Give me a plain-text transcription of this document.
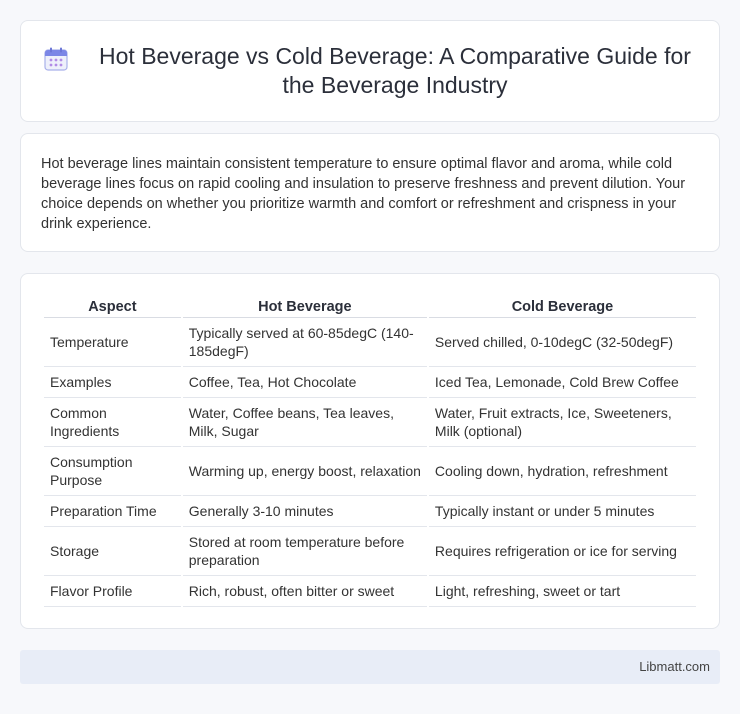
Hot Beverage vs Cold Beverage: A Comparative Guide for the Beverage Industry

Hot beverage lines maintain consistent temperature to ensure optimal flavor and aroma, while cold beverage lines focus on rapid cooling and insulation to preserve freshness and prevent dilution. Your choice depends on whether you prioritize warmth and comfort or refreshment and crispness in your drink experience.

Aspect	Hot Beverage	Cold Beverage
Temperature	Typically served at 60-85degC (140-185degF)	Served chilled, 0-10degC (32-50degF)
Examples	Coffee, Tea, Hot Chocolate	Iced Tea, Lemonade, Cold Brew Coffee
Common Ingredients	Water, Coffee beans, Tea leaves, Milk, Sugar	Water, Fruit extracts, Ice, Sweeteners, Milk (optional)
Consumption Purpose	Warming up, energy boost, relaxation	Cooling down, hydration, refreshment
Preparation Time	Generally 3-10 minutes	Typically instant or under 5 minutes
Storage	Stored at room temperature before preparation	Requires refrigeration or ice for serving
Flavor Profile	Rich, robust, often bitter or sweet	Light, refreshing, sweet or tart
Libmatt.com
